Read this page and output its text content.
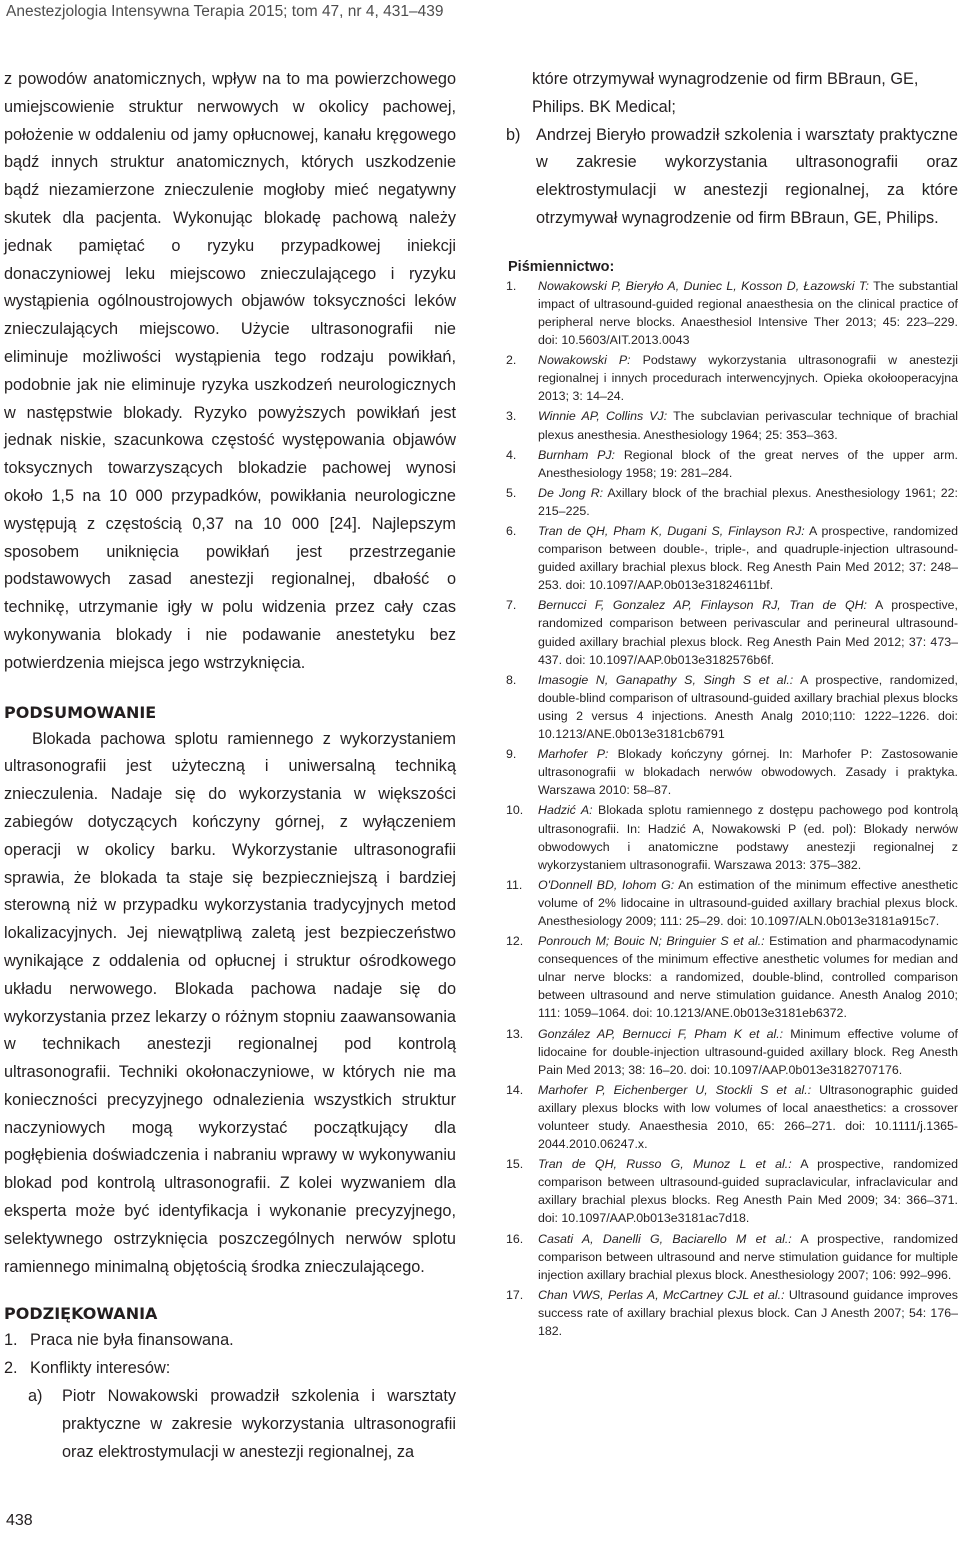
Anestezjologia Intensywna Terapia 2015; tom 47, nr 4, 431–439

z powodów anatomicznych, wpływ na to ma powierzchowego umiejscowienie struktur nerwowych w okolicy pachowej, położenie w oddaleniu od jamy opłucnowej, kanału kręgowego bądź innych struktur anatomicznych, których uszkodzenie bądź niezamierzone znieczulenie mogłoby mieć negatywny skutek dla pacjenta. Wykonując blokadę pachową należy jednak pamiętać o ryzyku przypadkowej iniekcji donaczyniowej leku miejscowo znieczulającego i ryzyku wystąpienia ogólnoustrojowych objawów toksyczności leków znieczulających miejscowo. Użycie ultrasonografii nie eliminuje możliwości wystąpienia tego rodzaju powikłań, podobnie jak nie eliminuje ryzyka uszkodzeń neurologicznych w następstwie blokady. Ryzyko powyższych powikłań jest jednak niskie, szacunkowa częstość występowania objawów toksycznych towarzyszących blokadzie pachowej wynosi około 1,5 na 10 000 przypadków, powikłania neurologiczne występują z częstością 0,37 na 10 000 [24]. Najlepszym sposobem uniknięcia powikłań jest przestrzeganie podstawowych zasad anestezji regionalnej, dbałość o technikę, utrzymanie igły w polu widzenia przez cały czas wykonywania blokady i nie podawanie anestetyku bez potwierdzenia miejsca jego wstrzyknięcia.

PODSUMOWANIE

Blokada pachowa splotu ramiennego z wykorzystaniem ultrasonografii jest użyteczną i uniwersalną techniką znieczulenia. Nadaje się do wykorzystania w większości zabiegów dotyczących kończyny górnej, z wyłączeniem operacji w okolicy barku. Wykorzystanie ultrasonografii sprawia, że blokada ta staje się bezpieczniejszą i bardziej sterowną niż w przypadku wykorzystania tradycyjnych metod lokalizacyjnych. Jej niewątpliwą zaletą jest bezpieczeństwo wynikające z oddalenia od opłucnej i struktur ośrodkowego układu nerwowego. Blokada pachowa nadaje się do wykorzystania przez lekarzy o różnym stopniu zaawansowania w technikach anestezji regionalnej pod kontrolą ultrasonografii. Techniki okołonaczyniowe, w których nie ma konieczności precyzyjnego odnalezienia wszystkich struktur naczyniowych mogą wykorzystać początkujący dla pogłębienia doświadczenia i nabraniu wprawy w wykonywaniu blokad pod kontrolą ultrasonografii. Z kolei wyzwaniem dla eksperta może być identyfikacja i wykonanie precyzyjnego, selektywnego ostrzyknięcia poszczególnych nerwów splotu ramiennego minimalną objętością środka znieczulającego.

PODZIĘKOWANIA

1. Praca nie była finansowana.

2. Konflikty interesów:

a) Piotr Nowakowski prowadził szkolenia i warsztaty praktyczne w zakresie wykorzystania ultrasonografii oraz elektrostymulacji w anestezji regionalnej, za

które otrzymywał wynagrodzenie od firm BBraun, GE, Philips. BK Medical;

b) Andrzej Bieryło prowadził szkolenia i warsztaty praktyczne w zakresie wykorzystania ultrasonografii oraz elektrostymulacji w anestezji regionalnej, za które otrzymywał wynagrodzenie od firm BBraun, GE, Philips.

Piśmiennictwo:
1. Nowakowski P, Bieryło A, Duniec L, Kosson D, Łazowski T: The substantial impact of ultrasound-guided regional anaesthesia on the clinical practice of peripheral nerve blocks. Anaesthesiol Intensive Ther 2013; 45: 223–229. doi: 10.5603/AIT.2013.0043
2. Nowakowski P: Podstawy wykorzystania ultrasonografii w anestezji regionalnej i innych procedurach interwencyjnych. Opieka okołooperacyjna 2013; 3: 14–24.
3. Winnie AP, Collins VJ: The subclavian perivascular technique of brachial plexus anesthesia. Anesthesiology 1964; 25: 353–363.
4. Burnham PJ: Regional block of the great nerves of the upper arm. Anesthesiology 1958; 19: 281–284.
5. De Jong R: Axillary block of the brachial plexus. Anesthesiology 1961; 22: 215–225.
6. Tran de QH, Pham K, Dugani S, Finlayson RJ: A prospective, randomized comparison between double-, triple-, and quadruple-injection ultrasound-guided axillary brachial plexus block. Reg Anesth Pain Med 2012; 37: 248–253. doi: 10.1097/AAP.0b013e31824611bf.
7. Bernucci F, Gonzalez AP, Finlayson RJ, Tran de QH: A prospective, randomized comparison between perivascular and perineural ultrasound-guided axillary brachial plexus block. Reg Anesth Pain Med 2012; 37: 473–437. doi: 10.1097/AAP.0b013e3182576b6f.
8. Imasogie N, Ganapathy S, Singh S et al.: A prospective, randomized, double-blind comparison of ultrasound-guided axillary brachial plexus blocks using 2 versus 4 injections. Anesth Analg 2010;110: 1222–1226. doi: 10.1213/ANE.0b013e3181cb6791
9. Marhofer P: Blokady kończyny górnej. In: Marhofer P: Zastosowanie ultrasonografii w blokadach nerwów obwodowych. Zasady i praktyka. Warszawa 2010: 58–87.
10. Hadzić A: Blokada splotu ramiennego z dostępu pachowego pod kontrolą ultrasonografii. In: Hadzić A, Nowakowski P (ed. pol): Blokady nerwów obwodowych i anatomiczne podstawy anestezji regionalnej z wykorzystaniem ultrasonografii. Warszawa 2013: 375–382.
11. O'Donnell BD, Iohom G: An estimation of the minimum effective anesthetic volume of 2% lidocaine in ultrasound-guided axillary brachial plexus block. Anesthesiology 2009; 111: 25–29. doi: 10.1097/ALN.0b013e3181a915c7.
12. Ponrouch M; Bouic N; Bringuier S et al.: Estimation and pharmacodynamic consequences of the minimum effective anesthetic volumes for median and ulnar nerve blocks: a randomized, double-blind, controlled comparison between ultrasound and nerve stimulation guidance. Anesth Analog 2010; 111: 1059–1064. doi: 10.1213/ANE.0b013e3181eb6372.
13. González AP, Bernucci F, Pham K et al.: Minimum effective volume of lidocaine for double-injection ultrasound-guided axillary block. Reg Anesth Pain Med 2013; 38: 16–20. doi: 10.1097/AAP.0b013e3182707176.
14. Marhofer P, Eichenberger U, Stockli S et al.: Ultrasonographic guided axillary plexus blocks with low volumes of local anaesthetics: a crossover volunteer study. Anaesthesia 2010, 65: 266–271. doi: 10.1111/j.1365-2044.2010.06247.x.
15. Tran de QH, Russo G, Munoz L et al.: A prospective, randomized comparison between ultrasound-guided supraclavicular, infraclavicular and axillary brachial plexus blocks. Reg Anesth Pain Med 2009; 34: 366–371. doi: 10.1097/AAP.0b013e3181ac7d18.
16. Casati A, Danelli G, Baciarello M et al.: A prospective, randomized comparison between ultrasound and nerve stimulation guidance for multiple injection axillary brachial plexus block. Anesthesiology 2007; 106: 992–996.
17. Chan VWS, Perlas A, McCartney CJL et al.: Ultrasound guidance improves success rate of axillary brachial plexus block. Can J Anesth 2007; 54: 176–182.
438
